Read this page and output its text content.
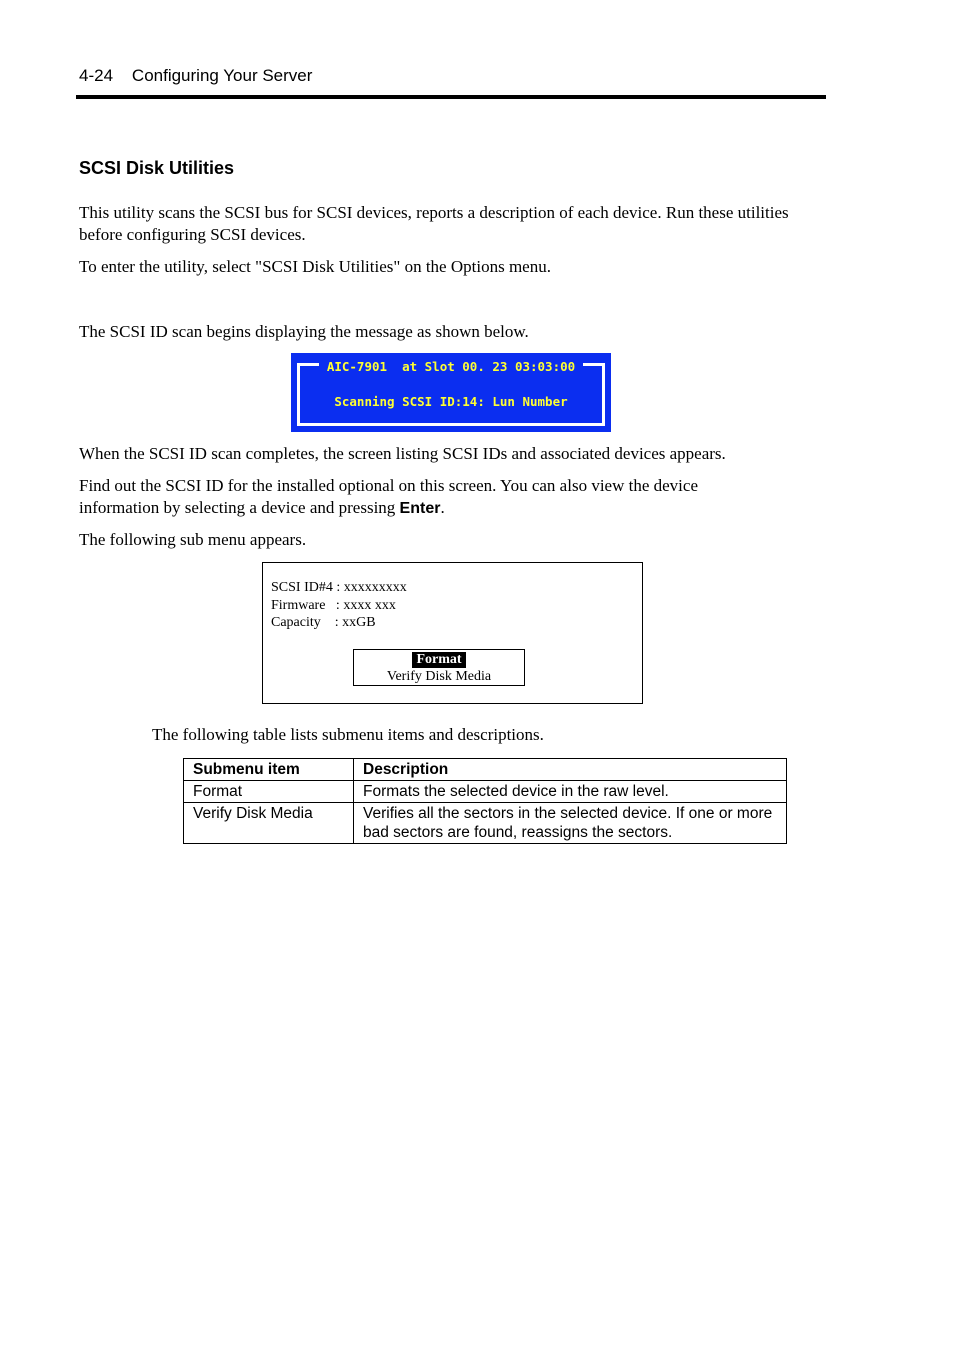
4-24    Configuring Your Server
SCSI Disk Utilities
This utility scans the SCSI bus for SCSI devices, reports a description of each device. Run these utilities before configuring SCSI devices.
To enter the utility, select "SCSI Disk Utilities" on the Options menu.
The SCSI ID scan begins displaying the message as shown below.
AIC-7901  at Slot 00. 23 03:03:00
Scanning SCSI ID:14: Lun Number
When the SCSI ID scan completes, the screen listing SCSI IDs and associated devices appears.
Find out the SCSI ID for the installed optional on this screen. You can also view the device information by selecting a device and pressing Enter.
The following sub menu appears.
SCSI ID#4 : xxxxxxxxx
Firmware   : xxxx xxx
Capacity    : xxGB
Format
Verify Disk Media
The following table lists submenu items and descriptions.
Submenu item	Description
Format	Formats the selected device in the raw level.
Verify Disk Media	Verifies all the sectors in the selected device. If one or more bad sectors are found, reassigns the sectors.
